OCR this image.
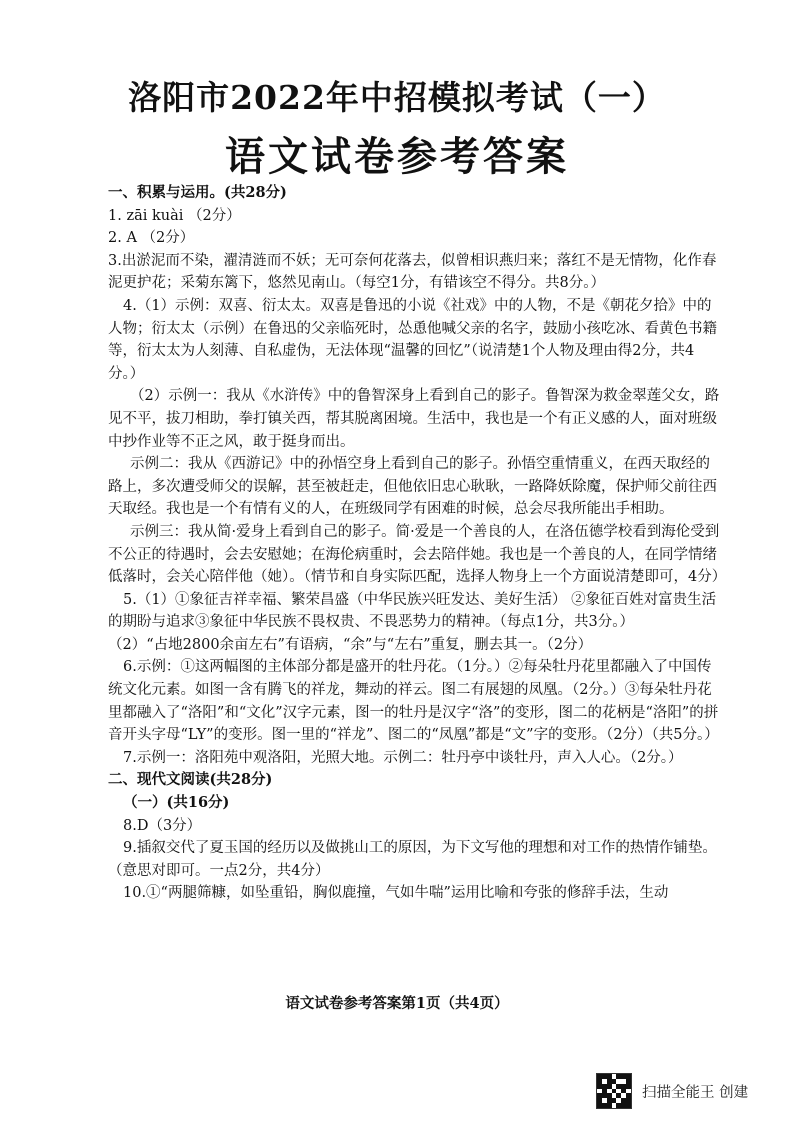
洛阳市2022年中招模拟考试（一）
语文试卷参考答案

一、积累与运用。(共28分)

1. zāi kuài （2分）

2. A （2分）

3.出淤泥而不染，濯清涟而不妖；无可奈何花落去，似曾相识燕归来；落红不是无情物，化作春泥更护花；采菊东篱下，悠然见南山。（每空1分，有错该空不得分。共8分。）

4.（1）示例：双喜、衍太太。双喜是鲁迅的小说《社戏》中的人物，不是《朝花夕拾》中的人物；衍太太（示例）在鲁迅的父亲临死时，怂恿他喊父亲的名字，鼓励小孩吃冰、看黄色书籍等，衍太太为人刻薄、自私虚伪，无法体现“温馨的回忆”（说清楚1个人物及理由得2分，共4分。）

（2）示例一：我从《水浒传》中的鲁智深身上看到自己的影子。鲁智深为救金翠莲父女，路见不平，拔刀相助，拳打镇关西，帮其脱离困境。生活中，我也是一个有正义感的人，面对班级中抄作业等不正之风，敢于挺身而出。

示例二：我从《西游记》中的孙悟空身上看到自己的影子。孙悟空重情重义，在西天取经的路上，多次遭受师父的误解，甚至被赶走，但他依旧忠心耿耿，一路降妖除魔，保护师父前往西天取经。我也是一个有情有义的人，在班级同学有困难的时候，总会尽我所能出手相助。

示例三：我从简·爱身上看到自己的影子。简·爱是一个善良的人，在洛伍德学校看到海伦受到不公正的待遇时，会去安慰她；在海伦病重时，会去陪伴她。我也是一个善良的人，在同学情绪低落时，会关心陪伴他（她）。（情节和自身实际匹配，选择人物身上一个方面说清楚即可，4分）

5.（1）①象征吉祥幸福、繁荣昌盛（中华民族兴旺发达、美好生活） ②象征百姓对富贵生活的期盼与追求③象征中华民族不畏权贵、不畏恶势力的精神。（每点1分，共3分。）

（2）“占地2800余亩左右”有语病，“余”与“左右”重复，删去其一。（2分）

6.示例：①这两幅图的主体部分都是盛开的牡丹花。（1分。）②每朵牡丹花里都融入了中国传统文化元素。如图一含有腾飞的祥龙，舞动的祥云。图二有展翅的凤凰。（2分。）③每朵牡丹花里都融入了“洛阳”和“文化”汉字元素，图一的牡丹是汉字“洛”的变形，图二的花柄是“洛阳”的拼音开头字母“LY”的变形。图一里的“祥龙”、图二的“凤凰”都是“文”字的变形。（2分）（共5分。）

7.示例一：洛阳苑中观洛阳，光照大地。示例二：牡丹亭中谈牡丹，声入人心。（2分。）

二、现代文阅读(共28分)

（一）(共16分)

8.D（3分）

9.插叙交代了夏玉国的经历以及做挑山工的原因，为下文写他的理想和对工作的热情作铺垫。（意思对即可。一点2分，共4分）

10.①“两腿筛糠，如坠重铅，胸似鹿撞，气如牛喘”运用比喻和夸张的修辞手法，生动

语文试卷参考答案第1页（共4页）
扫描全能王 创建
